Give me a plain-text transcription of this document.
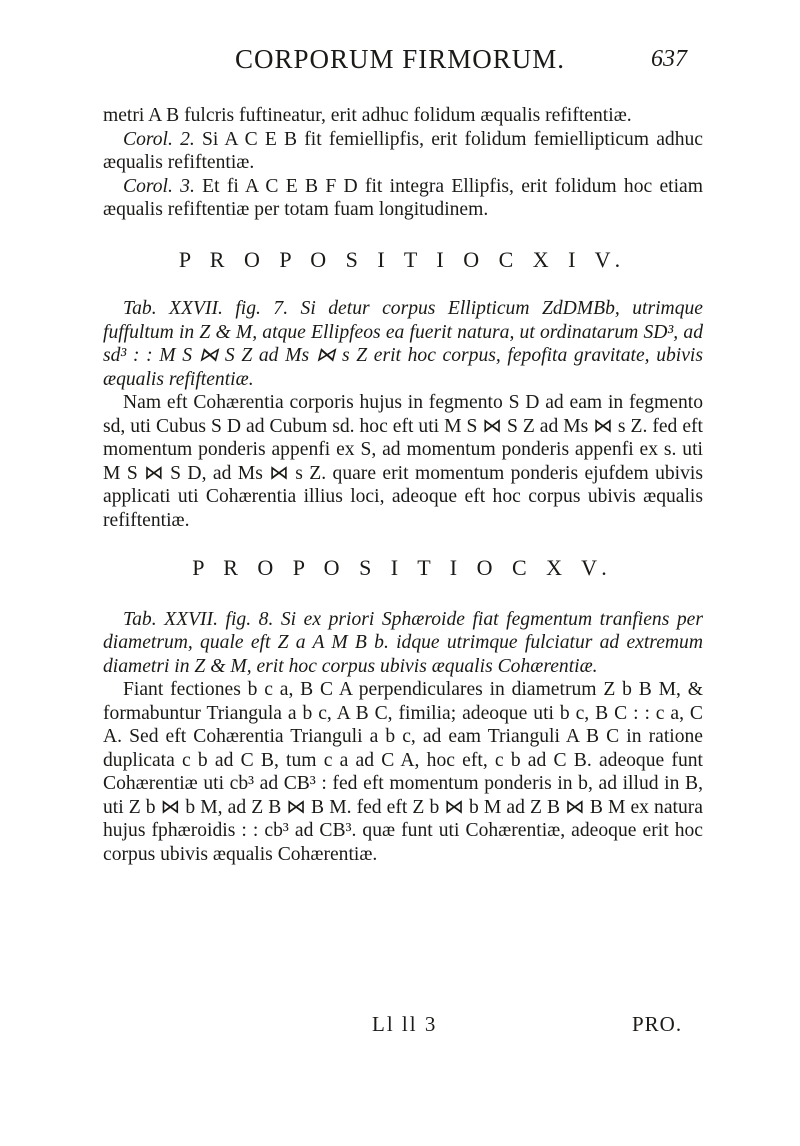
CORPORUM FIRMORUM.	637

metri A B fulcris fuftineatur, erit adhuc folidum æqualis refiftentiæ.

Corol. 2. Si A C E B fit femiellipfis, erit folidum femiellipticum adhuc æqualis refiftentiæ.

Corol. 3. Et fi A C E B F D fit integra Ellipfis, erit folidum hoc etiam æqualis refiftentiæ per totam fuam longitudinem.

P R O P O S I T I O C X I V.

Tab. XXVII. fig. 7. Si detur corpus Ellipticum ZdDMBb, utrimque fuffultum in Z & M, atque Ellipfeos ea fuerit natura, ut ordinatarum SD³, ad sd³ : : M S ⋈ S Z ad Ms ⋈ s Z erit hoc corpus, fepofita gravitate, ubivis æqualis refiftentiæ.

Nam eft Cohærentia corporis hujus in fegmento S D ad eam in fegmento sd, uti Cubus S D ad Cubum sd. hoc eft uti M S ⋈ S Z ad Ms ⋈ s Z. fed eft momentum ponderis appenfi ex S, ad momentum ponderis appenfi ex s. uti M S ⋈ S D, ad Ms ⋈ s Z. quare erit momentum ponderis ejufdem ubivis applicati uti Cohærentia illius loci, adeoque eft hoc corpus ubivis æqualis refiftentiæ.

P R O P O S I T I O C X V.

Tab. XXVII. fig. 8. Si ex priori Sphæroide fiat fegmentum tranfiens per diametrum, quale eft Z a A M B b. idque utrimque fulciatur ad extremum diametri in Z & M, erit hoc corpus ubivis æqualis Cohærentiæ.

Fiant fectiones b c a, B C A perpendiculares in diametrum Z b B M, & formabuntur Triangula a b c, A B C, fimilia; adeoque uti b c, B C : : c a, C A. Sed eft Cohærentia Trianguli a b c, ad eam Trianguli A B C in ratione duplicata c b ad C B, tum c a ad C A, hoc eft, c b ad C B. adeoque funt Cohærentiæ uti cb³ ad CB³ : fed eft momentum ponderis in b, ad illud in B, uti Z b ⋈ b M, ad Z B ⋈ B M. fed eft Z b ⋈ b M ad Z B ⋈ B M ex natura hujus fphæroidis : : cb³ ad CB³. quæ funt uti Cohærentiæ, adeoque erit hoc corpus ubivis æqualis Cohærentiæ.

Ll ll 3	PRO.
